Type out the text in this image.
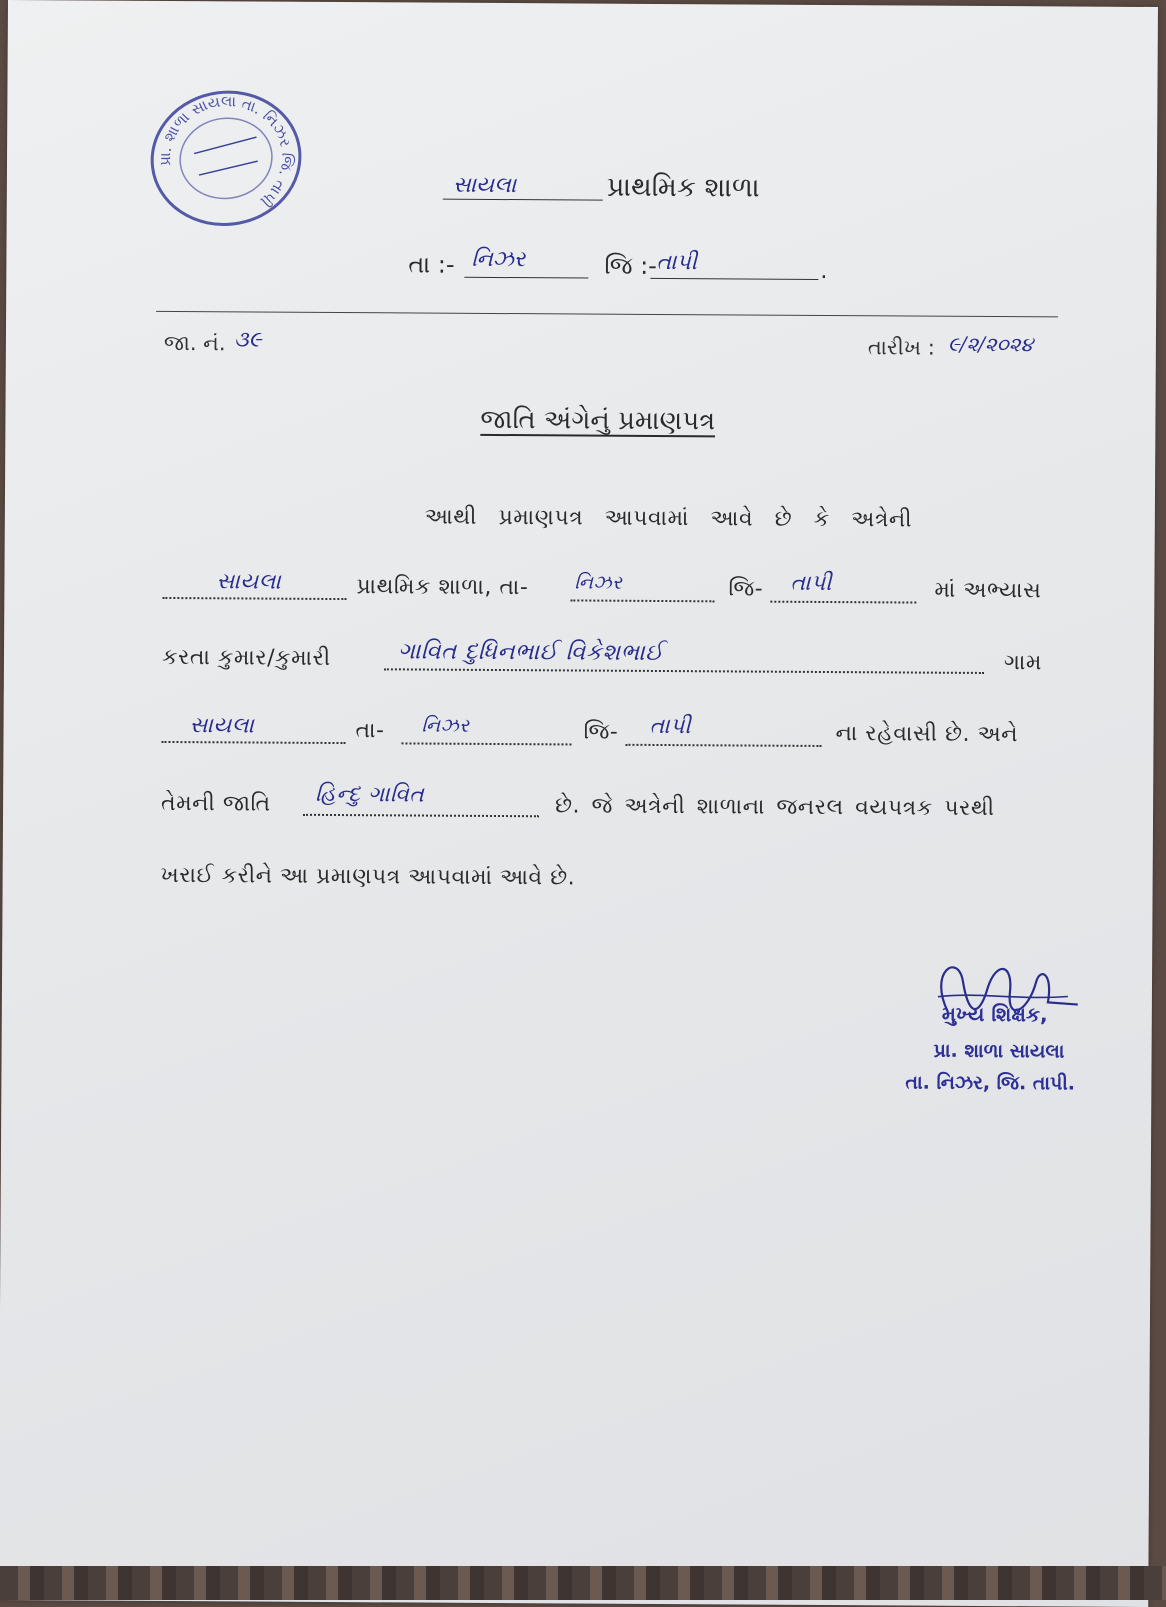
પ્રા. શાળા સાયલા તા. નિઝર જિ. તાપી
સાયલા	પ્રાથમિક શાળા
તા :- નિઝર	જિ :- તાપી	.
જા. નં. ૩૯	તારીખ : ૯/૨/૨૦૨૪
જાતિ અંગેનું પ્રમાણપત્ર
આથી પ્રમાણપત્ર આપવામાં આવે છે કે અત્રેની
સાયલા	પ્રાથમિક શાળા, તા- નિઝર	જિ- તાપી	માં અભ્યાસ
કરતા કુમાર/કુમારી	ગાવિત દુધિનભાઈ વિકેશભાઈ	ગામ
સાયલા	તા- નિઝર	જિ- તાપી	ના રહેવાસી છે. અને
તેમની જાતિ હિન્દુ ગાવિત	છે. જે અત્રેની શાળાના જનરલ વયપત્રક પરથી
ખરાઈ કરીને આ પ્રમાણપત્ર આપવામાં આવે છે.
મુખ્ય શિક્ષક,
પ્રા. શાળા સાયલા
તા. નિઝર, જિ. તાપી.
